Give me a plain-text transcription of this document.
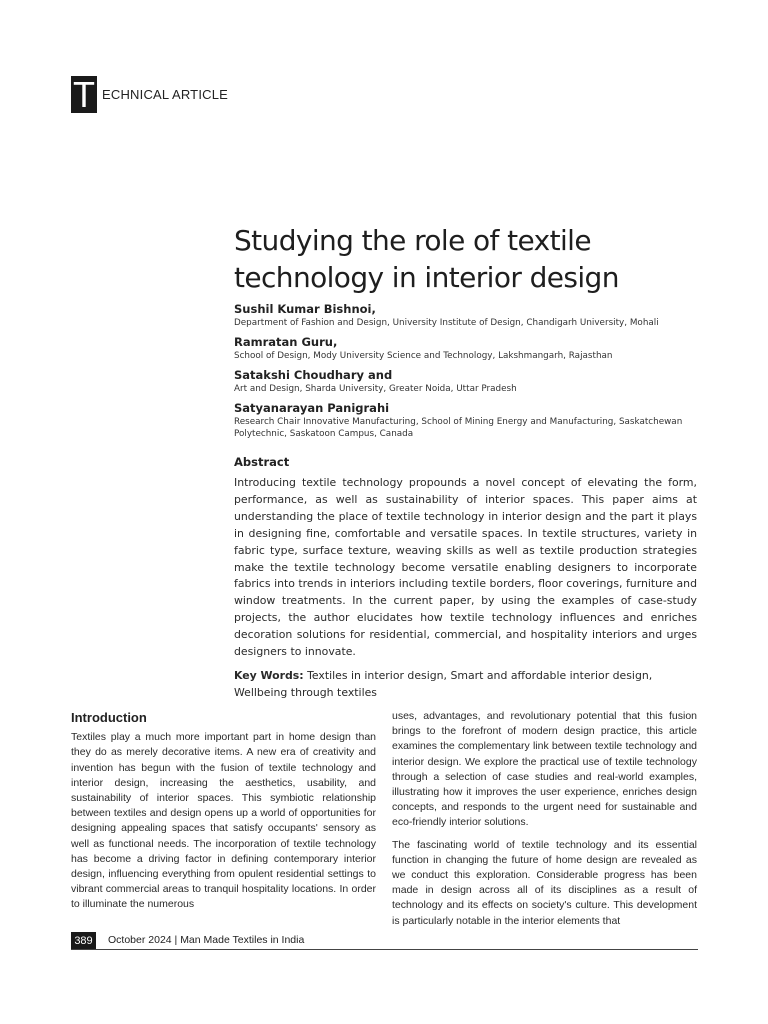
T ECHNICAL ARTICLE
Studying the role of textile technology in interior design
Sushil Kumar Bishnoi,
Department of Fashion and Design, University Institute of Design, Chandigarh University, Mohali
Ramratan Guru,
School of Design, Mody University Science and Technology, Lakshmangarh, Rajasthan
Satakshi Choudhary and
Art and Design, Sharda University, Greater Noida, Uttar Pradesh
Satyanarayan Panigrahi
Research Chair Innovative Manufacturing, School of Mining Energy and Manufacturing, Saskatchewan Polytechnic, Saskatoon Campus, Canada
Abstract

Introducing textile technology propounds a novel concept of elevating the form, performance, as well as sustainability of interior spaces. This paper aims at understanding the place of textile technology in interior design and the part it plays in designing fine, comfortable and versatile spaces. In textile structures, variety in fabric type, surface texture, weaving skills as well as textile production strategies make the textile technology become versatile enabling designers to incorporate fabrics into trends in interiors including textile borders, floor coverings, furniture and window treatments. In the current paper, by using the examples of case-study projects, the author elucidates how textile technology influences and enriches decoration solutions for residential, commercial, and hospitality interiors and urges designers to innovate.

Key Words: Textiles in interior design, Smart and affordable interior design, Wellbeing through textiles

Introduction

Textiles play a much more important part in home design than they do as merely decorative items. A new era of creativity and invention has begun with the fusion of textile technology and interior design, increasing the aesthetics, usability, and sustainability of interior spaces. This symbiotic relationship between textiles and design opens up a world of opportunities for designing appealing spaces that satisfy occupants' sensory as well as functional needs. The incorporation of textile technology has become a driving factor in defining contemporary interior design, influencing everything from opulent residential settings to vibrant commercial areas to tranquil hospitality locations. In order to illuminate the numerous

uses, advantages, and revolutionary potential that this fusion brings to the forefront of modern design practice, this article examines the complementary link between textile technology and interior design. We explore the practical use of textile technology through a selection of case studies and real-world examples, illustrating how it improves the user experience, enriches design concepts, and responds to the urgent need for sustainable and eco-friendly interior solutions.

The fascinating world of textile technology and its essential function in changing the future of home design are revealed as we conduct this exploration. Considerable progress has been made in design across all of its disciplines as a result of technology and its effects on society's culture. This development is particularly notable in the interior elements that

389	October 2024 | Man Made Textiles in India
